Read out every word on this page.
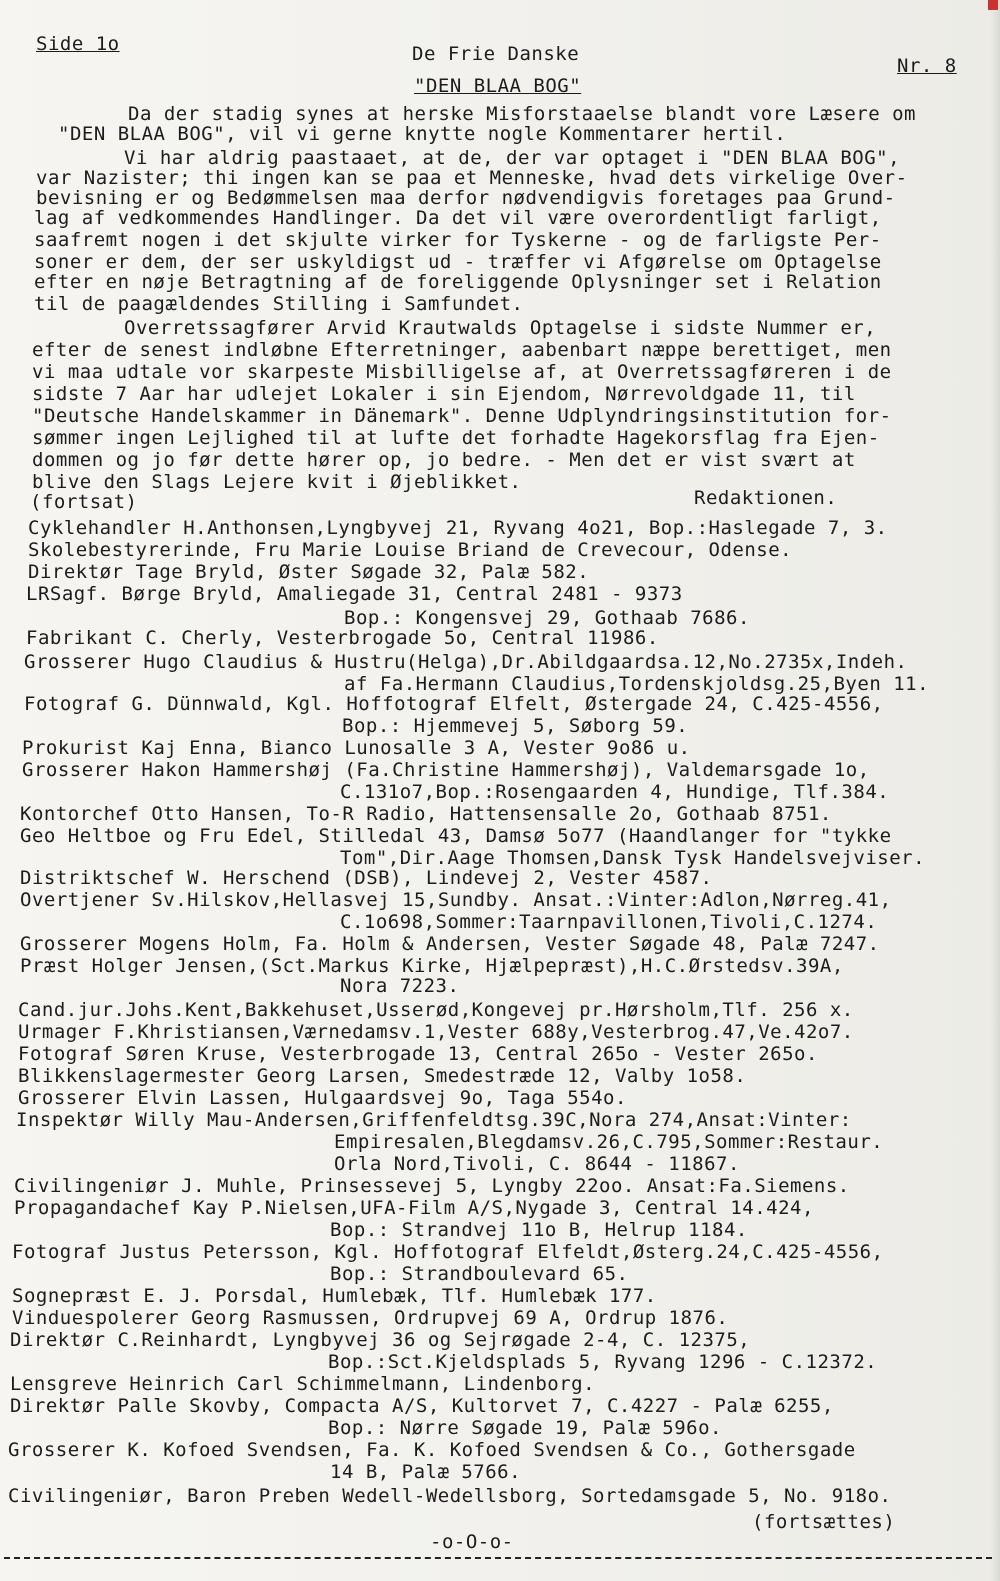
Side 1o	De Frie Danske
Nr. 8
"DEN BLAA BOG"
Da der stadig synes at herske Misforstaaelse blandt vore Læsere om
"DEN BLAA BOG", vil vi gerne knytte nogle Kommentarer hertil.
Vi har aldrig paastaaet, at de, der var optaget i "DEN BLAA BOG",
var Nazister; thi ingen kan se paa et Menneske, hvad dets virkelige Over-
bevisning er og Bedømmelsen maa derfor nødvendigvis foretages paa Grund-
lag af vedkommendes Handlinger. Da det vil være overordentligt farligt,
saafremt nogen i det skjulte virker for Tyskerne - og de farligste Per-
soner er dem, der ser uskyldigst ud - træffer vi Afgørelse om Optagelse
efter en nøje Betragtning af de foreliggende Oplysninger set i Relation
til de paagældendes Stilling i Samfundet.
Overretssagfører Arvid Krautwalds Optagelse i sidste Nummer er,
efter de senest indløbne Efterretninger, aabenbart næppe berettiget, men
vi maa udtale vor skarpeste Misbilligelse af, at Overretssagføreren i de
sidste 7 Aar har udlejet Lokaler i sin Ejendom, Nørrevoldgade 11, til
"Deutsche Handelskammer in Dänemark". Denne Udplyndringsinstitution for-
sømmer ingen Lejlighed til at lufte det forhadte Hagekorsflag fra Ejen-
dommen og jo før dette hører op, jo bedre. - Men det er vist svært at
blive den Slags Lejere kvit i Øjeblikket.
(fortsat)	Redaktionen.
Cyklehandler H.Anthonsen,Lyngbyvej 21, Ryvang 4o21, Bop.:Haslegade 7, 3.
Skolebestyrerinde, Fru Marie Louise Briand de Crevecour, Odense.
Direktør Tage Bryld, Øster Søgade 32, Palæ 582.
LRSagf. Børge Bryld, Amaliegade 31, Central 2481 - 9373
Bop.: Kongensvej 29, Gothaab 7686.
Fabrikant C. Cherly, Vesterbrogade 5o, Central 11986.
Grosserer Hugo Claudius & Hustru(Helga),Dr.Abildgaardsa.12,No.2735x,Indeh.
af Fa.Hermann Claudius,Tordenskjoldsg.25,Byen 11.
Fotograf G. Dünnwald, Kgl. Hoffotograf Elfelt, Østergade 24, C.425-4556,
Bop.: Hjemmevej 5, Søborg 59.
Prokurist Kaj Enna, Bianco Lunosalle 3 A, Vester 9o86 u.
Grosserer Hakon Hammershøj (Fa.Christine Hammershøj), Valdemarsgade 1o,
C.131o7,Bop.:Rosengaarden 4, Hundige, Tlf.384.
Kontorchef Otto Hansen, To-R Radio, Hattensensalle 2o, Gothaab 8751.
Geo Heltboe og Fru Edel, Stilledal 43, Damsø 5o77 (Haandlanger for "tykke
Tom",Dir.Aage Thomsen,Dansk Tysk Handelsvejviser.
Distriktschef W. Herschend (DSB), Lindevej 2, Vester 4587.
Overtjener Sv.Hilskov,Hellasvej 15,Sundby. Ansat.:Vinter:Adlon,Nørreg.41,
C.1o698,Sommer:Taarnpavillonen,Tivoli,C.1274.
Grosserer Mogens Holm, Fa. Holm & Andersen, Vester Søgade 48, Palæ 7247.
Præst Holger Jensen,(Sct.Markus Kirke, Hjælpepræst),H.C.Ørstedsv.39A,
Nora 7223.
Cand.jur.Johs.Kent,Bakkehuset,Usserød,Kongevej pr.Hørsholm,Tlf. 256 x.
Urmager F.Khristiansen,Værnedamsv.1,Vester 688y,Vesterbrog.47,Ve.42o7.
Fotograf Søren Kruse, Vesterbrogade 13, Central 265o - Vester 265o.
Blikkenslagermester Georg Larsen, Smedestræde 12, Valby 1o58.
Grosserer Elvin Lassen, Hulgaardsvej 9o, Taga 554o.
Inspektør Willy Mau-Andersen,Griffenfeldtsg.39C,Nora 274,Ansat:Vinter:
Empiresalen,Blegdamsv.26,C.795,Sommer:Restaur.
Orla Nord,Tivoli, C. 8644 - 11867.
Civilingeniør J. Muhle, Prinsessevej 5, Lyngby 22oo. Ansat:Fa.Siemens.
Propagandachef Kay P.Nielsen,UFA-Film A/S,Nygade 3, Central 14.424,
Bop.: Strandvej 11o B, Helrup 1184.
Fotograf Justus Petersson, Kgl. Hoffotograf Elfeldt,Østerg.24,C.425-4556,
Bop.: Strandboulevard 65.
Sognepræst E. J. Porsdal, Humlebæk, Tlf. Humlebæk 177.
Vinduespolerer Georg Rasmussen, Ordrupvej 69 A, Ordrup 1876.
Direktør C.Reinhardt, Lyngbyvej 36 og Sejrøgade 2-4, C. 12375,
Bop.:Sct.Kjeldsplads 5, Ryvang 1296 - C.12372.
Lensgreve Heinrich Carl Schimmelmann, Lindenborg.
Direktør Palle Skovby, Compacta A/S, Kultorvet 7, C.4227 - Palæ 6255,
Bop.: Nørre Søgade 19, Palæ 596o.
Grosserer K. Kofoed Svendsen, Fa. K. Kofoed Svendsen & Co., Gothersgade
14 B, Palæ 5766.
Civilingeniør, Baron Preben Wedell-Wedellsborg, Sortedamsgade 5, No. 918o.
(fortsættes)
-o-O-o-
